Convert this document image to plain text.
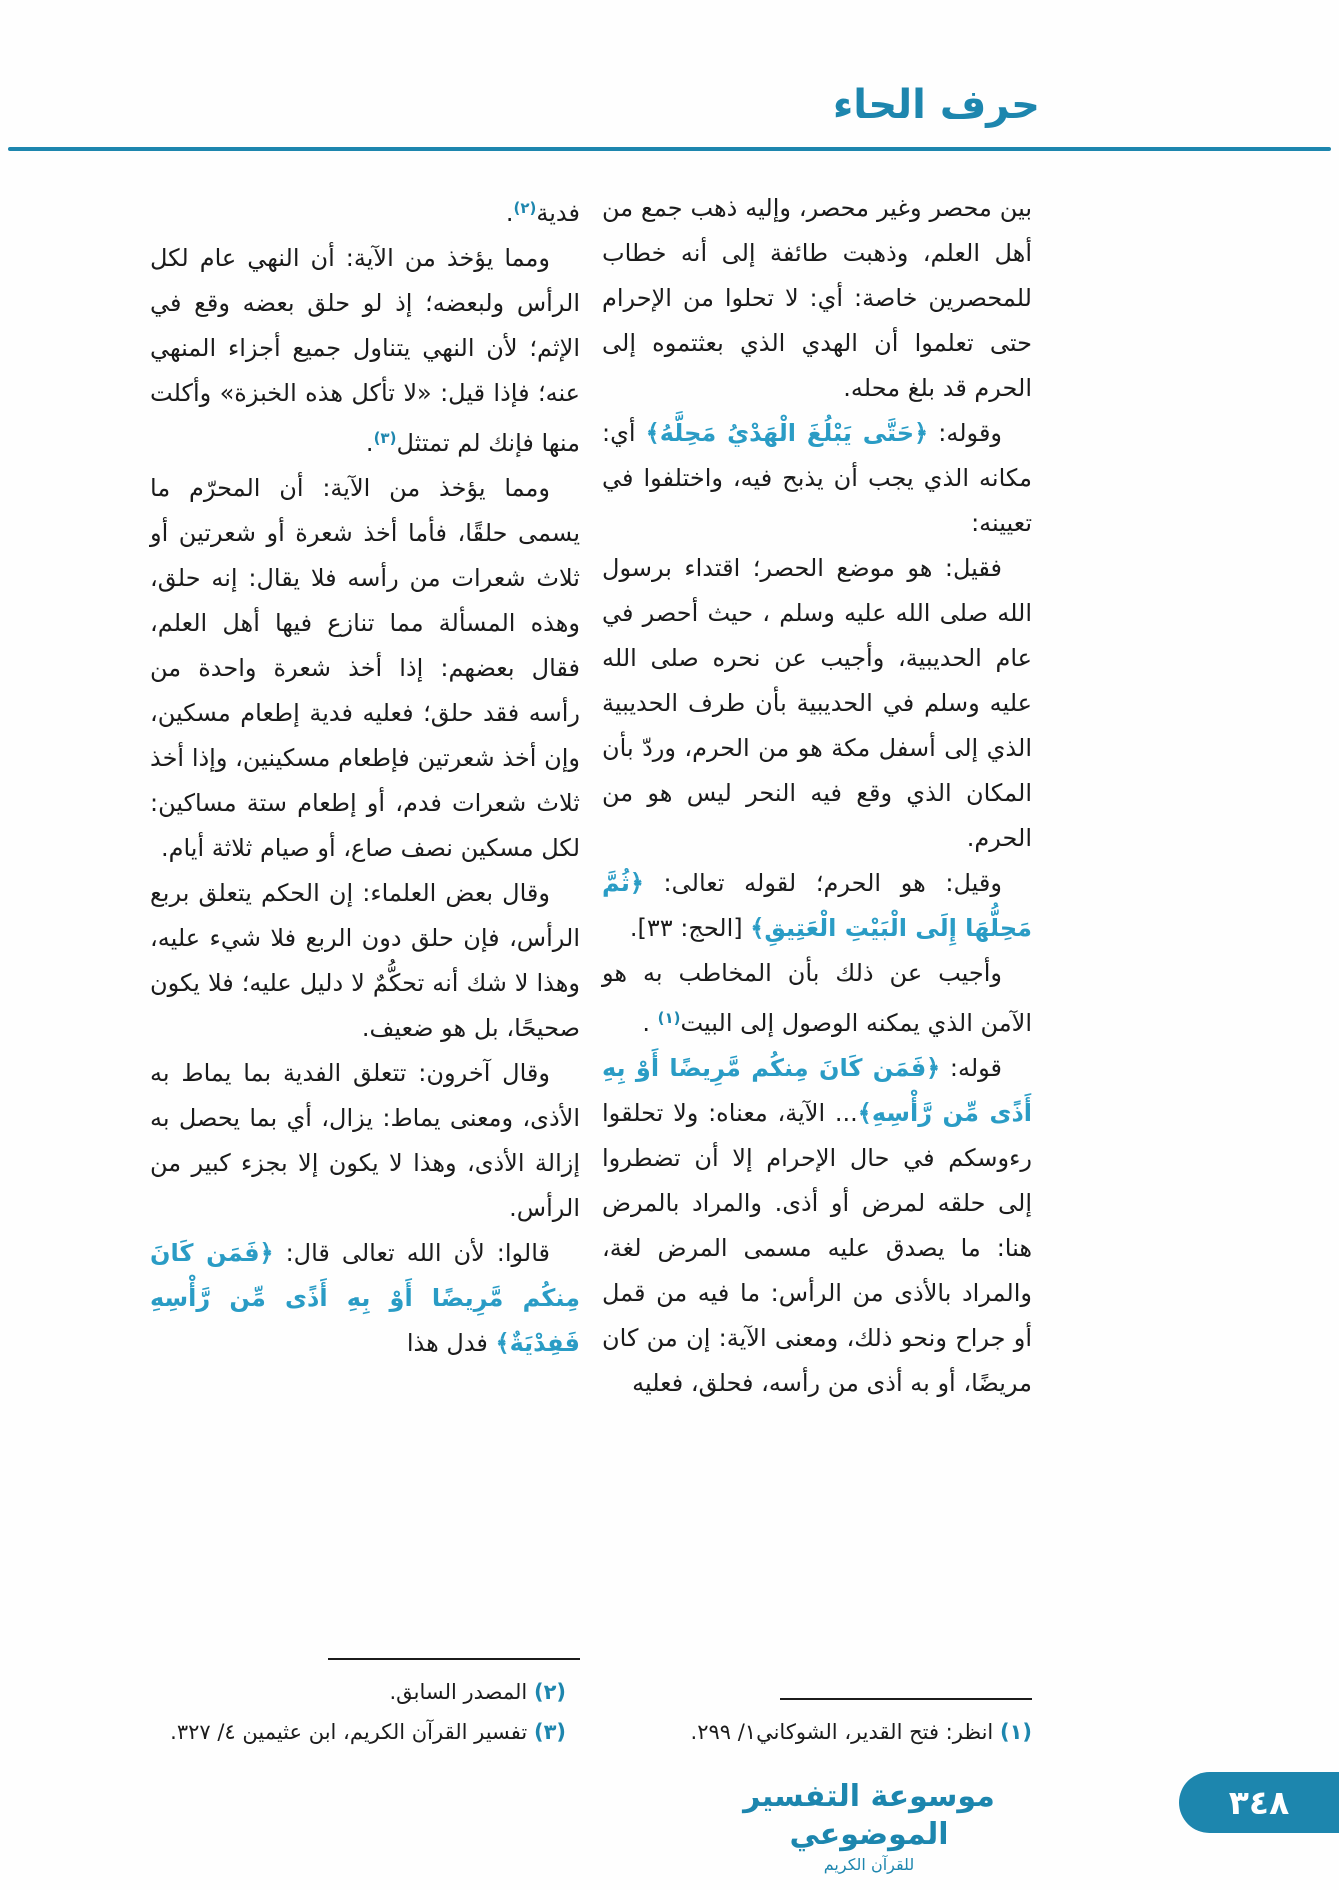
حرف الحاء

بين محصر وغير محصر، وإليه ذهب جمع من أهل العلم، وذهبت طائفة إلى أنه خطاب للمحصرين خاصة: أي: لا تحلوا من الإحرام حتى تعلموا أن الهدي الذي بعثتموه إلى الحرم قد بلغ محله.

وقوله: ﴿حَتَّى يَبْلُغَ الْهَدْيُ مَحِلَّهُ﴾ أي: مكانه الذي يجب أن يذبح فيه، واختلفوا في تعيينه:

فقيل: هو موضع الحصر؛ اقتداء برسول الله صلى الله عليه وسلم ، حيث أحصر في عام الحديبية، وأجيب عن نحره صلى الله عليه وسلم في الحديبية بأن طرف الحديبية الذي إلى أسفل مكة هو من الحرم، وردّ بأن المكان الذي وقع فيه النحر ليس هو من الحرم.

وقيل: هو الحرم؛ لقوله تعالى: ﴿ثُمَّ مَحِلُّهَا إِلَى الْبَيْتِ الْعَتِيقِ﴾ [الحج: ٣٣].

وأجيب عن ذلك بأن المخاطب به هو الآمن الذي يمكنه الوصول إلى البيت$^{(١)}$ .

قوله: ﴿فَمَن كَانَ مِنكُم مَّرِيضًا أَوْ بِهِ أَذًى مِّن رَّأْسِهِ﴾... الآية، معناه: ولا تحلقوا رءوسكم في حال الإحرام إلا أن تضطروا إلى حلقه لمرض أو أذى. والمراد بالمرض هنا: ما يصدق عليه مسمى المرض لغة، والمراد بالأذى من الرأس: ما فيه من قمل أو جراح ونحو ذلك، ومعنى الآية: إن من كان مريضًا، أو به أذى من رأسه، فحلق، فعليه

(١) انظر: فتح القدير، الشوكاني١/ ٢٩٩.

فدية$^{(٢)}$.

ومما يؤخذ من الآية: أن النهي عام لكل الرأس ولبعضه؛ إذ لو حلق بعضه وقع في الإثم؛ لأن النهي يتناول جميع أجزاء المنهي عنه؛ فإذا قيل: «لا تأكل هذه الخبزة» وأكلت منها فإنك لم تمتثل$^{(٣)}$.

ومما يؤخذ من الآية: أن المحرّم ما يسمى حلقًا، فأما أخذ شعرة أو شعرتين أو ثلاث شعرات من رأسه فلا يقال: إنه حلق، وهذه المسألة مما تنازع فيها أهل العلم، فقال بعضهم: إذا أخذ شعرة واحدة من رأسه فقد حلق؛ فعليه فدية إطعام مسكين، وإن أخذ شعرتين فإطعام مسكينين، وإذا أخذ ثلاث شعرات فدم، أو إطعام ستة مساكين: لكل مسكين نصف صاع، أو صيام ثلاثة أيام.

وقال بعض العلماء: إن الحكم يتعلق بربع الرأس، فإن حلق دون الربع فلا شيء عليه، وهذا لا شك أنه تحكُّمٌ لا دليل عليه؛ فلا يكون صحيحًا، بل هو ضعيف.

وقال آخرون: تتعلق الفدية بما يماط به الأذى، ومعنى يماط: يزال، أي بما يحصل به إزالة الأذى، وهذا لا يكون إلا بجزء كبير من الرأس.

قالوا: لأن الله تعالى قال: ﴿فَمَن كَانَ مِنكُم مَّرِيضًا أَوْ بِهِ أَذًى مِّن رَّأْسِهِ فَفِدْيَةٌ﴾ فدل هذا

(٢) المصدر السابق.

(٣) تفسير القرآن الكريم، ابن عثيمين ٤/ ٣٢٧.

موسوعة التفسير الموضوعي
للقرآن الكريم
٣٤٨
